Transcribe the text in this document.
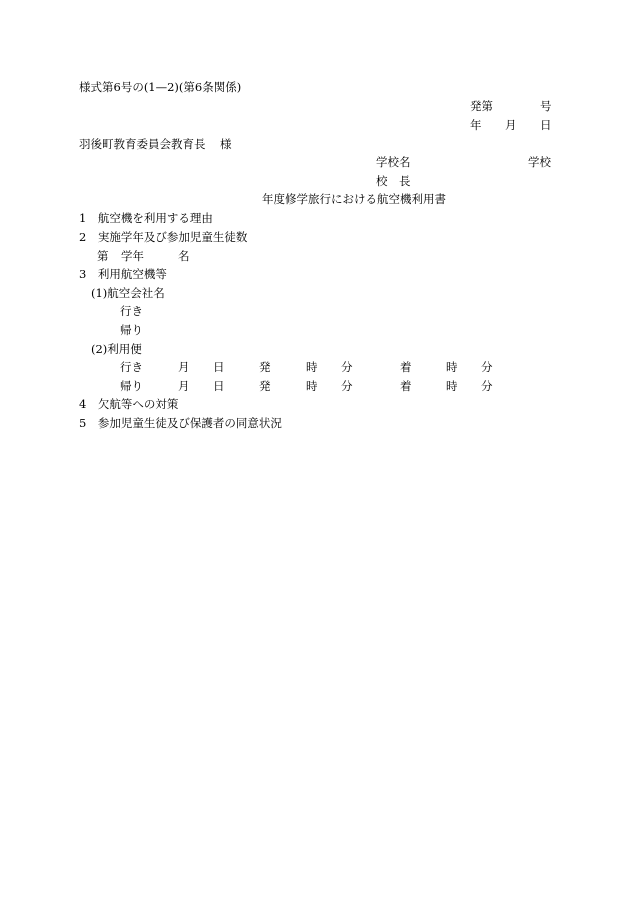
様式第6号の(1—2)(第6条関係)
発第	号
年 月 日
羽後町教育委員会教育長 様
学校名	学校
校　長
年度修学旅行における航空機利用書
1　航空機を利用する理由
2　実施学年及び参加児童生徒数
第 学年	名
3　利用航空機等
(1)航空会社名
行き
帰り
(2)利用便
行き	月 日	発	時 分	着	時 分
帰り	月 日	発	時 分	着	時 分
4　欠航等への対策
5　参加児童生徒及び保護者の同意状況
